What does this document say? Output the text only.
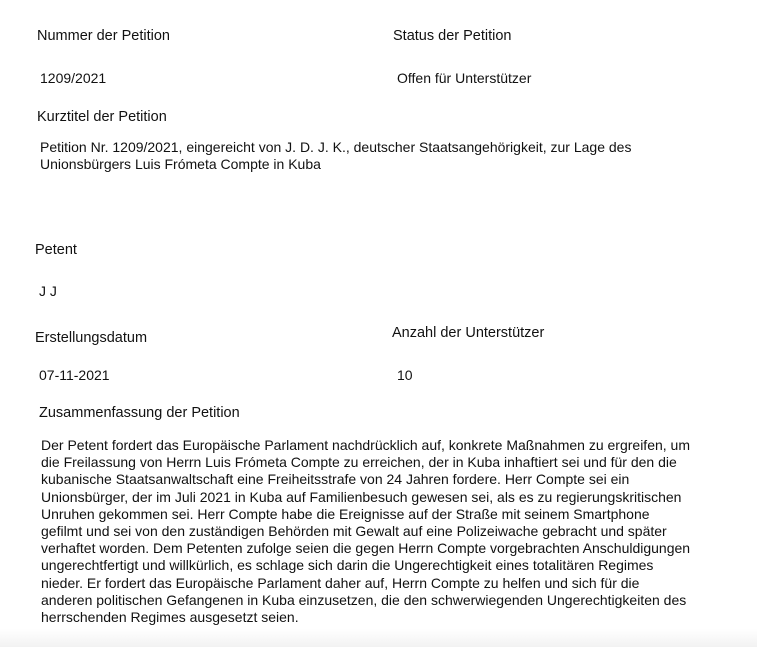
Nummer der Petition
1209/2021
Status der Petition
Offen für Unterstützer
Kurztitel der Petition
Petition Nr. 1209/2021, eingereicht von J. D. J. K., deutscher Staatsangehörigkeit, zur Lage des
Unionsbürgers Luis Frómeta Compte in Kuba
Petent
J J
Erstellungsdatum
07-11-2021
Anzahl der Unterstützer
10
Zusammenfassung der Petition
Der Petent fordert das Europäische Parlament nachdrücklich auf, konkrete Maßnahmen zu ergreifen, um
die Freilassung von Herrn Luis Frómeta Compte zu erreichen, der in Kuba inhaftiert sei und für den die
kubanische Staatsanwaltschaft eine Freiheitsstrafe von 24 Jahren fordere. Herr Compte sei ein
Unionsbürger, der im Juli 2021 in Kuba auf Familienbesuch gewesen sei, als es zu regierungskritischen
Unruhen gekommen sei. Herr Compte habe die Ereignisse auf der Straße mit seinem Smartphone
gefilmt und sei von den zuständigen Behörden mit Gewalt auf eine Polizeiwache gebracht und später
verhaftet worden. Dem Petenten zufolge seien die gegen Herrn Compte vorgebrachten Anschuldigungen
ungerechtfertigt und willkürlich, es schlage sich darin die Ungerechtigkeit eines totalitären Regimes
nieder. Er fordert das Europäische Parlament daher auf, Herrn Compte zu helfen und sich für die
anderen politischen Gefangenen in Kuba einzusetzen, die den schwerwiegenden Ungerechtigkeiten des
herrschenden Regimes ausgesetzt seien.
